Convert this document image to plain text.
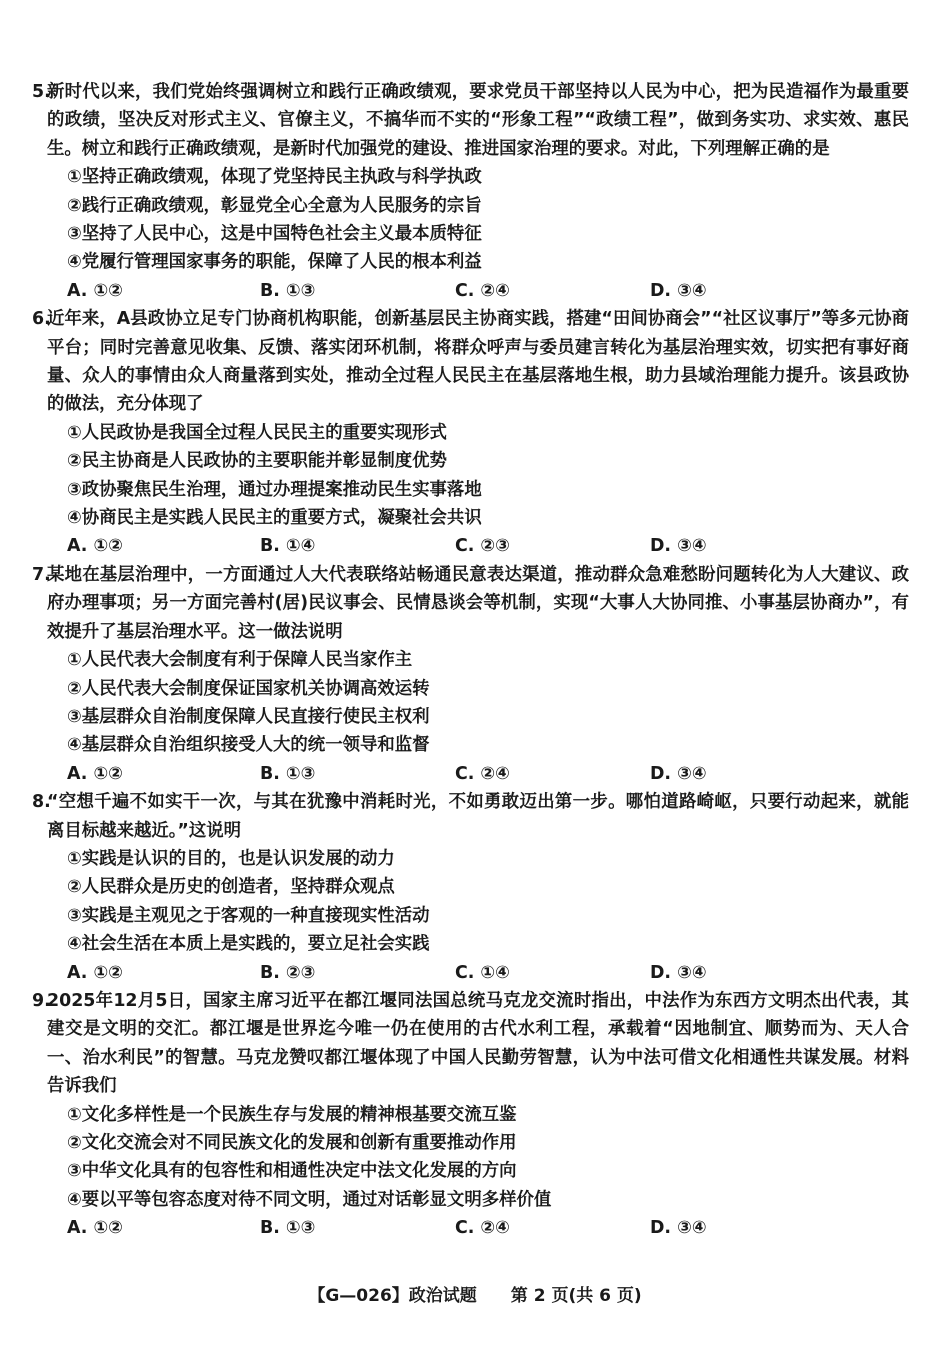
5.
新时代以来，我们党始终强调树立和践行正确政绩观，要求党员干部坚持以人民为中心，把为民造福作为最重要的政绩，坚决反对形式主义、官僚主义，不搞华而不实的“形象工程”“政绩工程”，做到务实功、求实效、惠民生。树立和践行正确政绩观，是新时代加强党的建设、推进国家治理的要求。对此，下列理解正确的是
①坚持正确政绩观，体现了党坚持民主执政与科学执政
②践行正确政绩观，彰显党全心全意为人民服务的宗旨
③坚持了人民中心，这是中国特色社会主义最本质特征
④党履行管理国家事务的职能，保障了人民的根本利益
A. ①②	B. ①③	C. ②④	D. ③④
6.
近年来，A县政协立足专门协商机构职能，创新基层民主协商实践，搭建“田间协商会”“社区议事厅”等多元协商平台；同时完善意见收集、反馈、落实闭环机制，将群众呼声与委员建言转化为基层治理实效，切实把有事好商量、众人的事情由众人商量落到实处，推动全过程人民民主在基层落地生根，助力县域治理能力提升。该县政协的做法，充分体现了
①人民政协是我国全过程人民民主的重要实现形式
②民主协商是人民政协的主要职能并彰显制度优势
③政协聚焦民生治理，通过办理提案推动民生实事落地
④协商民主是实践人民民主的重要方式，凝聚社会共识
A. ①②	B. ①④	C. ②③	D. ③④
7.
某地在基层治理中，一方面通过人大代表联络站畅通民意表达渠道，推动群众急难愁盼问题转化为人大建议、政府办理事项；另一方面完善村(居)民议事会、民情恳谈会等机制，实现“大事人大协同推、小事基层协商办”，有效提升了基层治理水平。这一做法说明
①人民代表大会制度有利于保障人民当家作主
②人民代表大会制度保证国家机关协调高效运转
③基层群众自治制度保障人民直接行使民主权利
④基层群众自治组织接受人大的统一领导和监督
A. ①②	B. ①③	C. ②④	D. ③④
8.
“空想千遍不如实干一次，与其在犹豫中消耗时光，不如勇敢迈出第一步。哪怕道路崎岖，只要行动起来，就能离目标越来越近。”这说明
①实践是认识的目的，也是认识发展的动力
②人民群众是历史的创造者，坚持群众观点
③实践是主观见之于客观的一种直接现实性活动
④社会生活在本质上是实践的，要立足社会实践
A. ①②	B. ②③	C. ①④	D. ③④
9.
2025年12月5日，国家主席习近平在都江堰同法国总统马克龙交流时指出，中法作为东西方文明杰出代表，其建交是文明的交汇。都江堰是世界迄今唯一仍在使用的古代水利工程，承载着“因地制宜、顺势而为、天人合一、治水利民”的智慧。马克龙赞叹都江堰体现了中国人民勤劳智慧，认为中法可借文化相通性共谋发展。材料告诉我们
①文化多样性是一个民族生存与发展的精神根基要交流互鉴
②文化交流会对不同民族文化的发展和创新有重要推动作用
③中华文化具有的包容性和相通性决定中法文化发展的方向
④要以平等包容态度对待不同文明，通过对话彰显文明多样价值
A. ①②	B. ①③	C. ②④	D. ③④
【G—026】政治试题 第 2 页(共 6 页)
